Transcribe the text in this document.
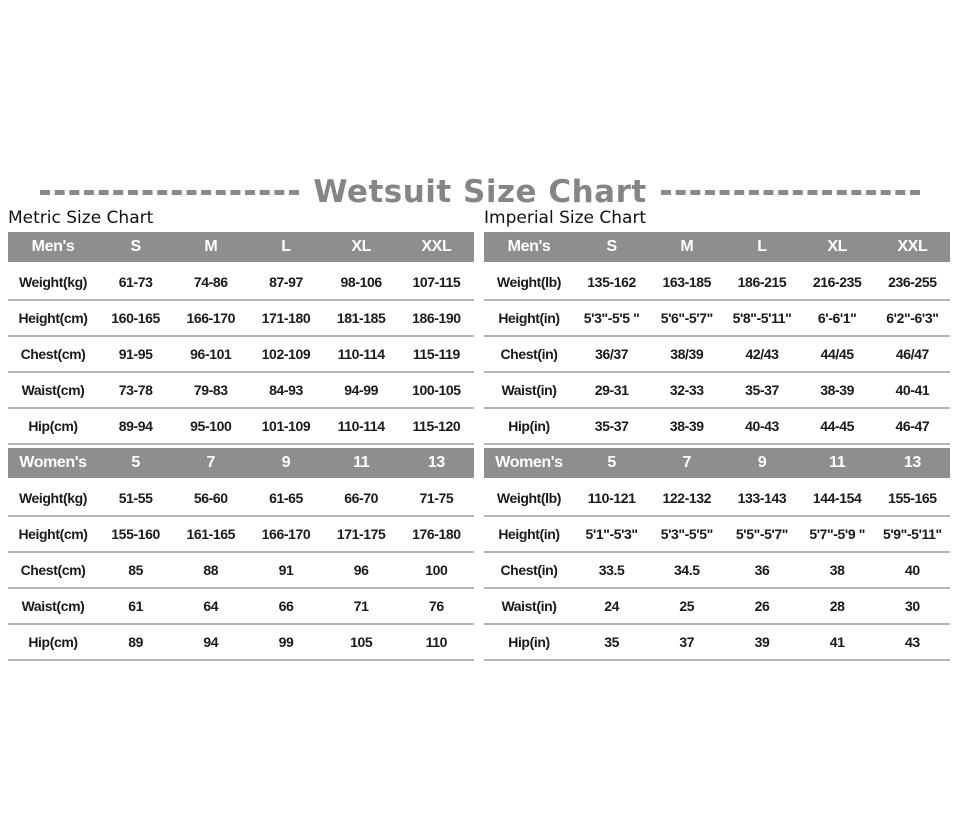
Wetsuit Size Chart
Metric Size Chart	Imperial Size Chart
Men's	S	M	L	XL	XXL
Weight(kg)	61-73	74-86	87-97	98-106	107-115
Height(cm)	160-165	166-170	171-180	181-185	186-190
Chest(cm)	91-95	96-101	102-109	110-114	115-119
Waist(cm)	73-78	79-83	84-93	94-99	100-105
Hip(cm)	89-94	95-100	101-109	110-114	115-120
Men's	S	M	L	XL	XXL
Weight(lb)	135-162	163-185	186-215	216-235	236-255
Height(in)	5'3"-5'5 "	5'6"-5'7"	5'8"-5'11"	6'-6'1"	6'2"-6'3"
Chest(in)	36/37	38/39	42/43	44/45	46/47
Waist(in)	29-31	32-33	35-37	38-39	40-41
Hip(in)	35-37	38-39	40-43	44-45	46-47
Women's	5	7	9	11	13
Weight(kg)	51-55	56-60	61-65	66-70	71-75
Height(cm)	155-160	161-165	166-170	171-175	176-180
Chest(cm)	85	88	91	96	100
Waist(cm)	61	64	66	71	76
Hip(cm)	89	94	99	105	110
Women's	5	7	9	11	13
Weight(lb)	110-121	122-132	133-143	144-154	155-165
Height(in)	5'1"-5'3"	5'3"-5'5"	5'5"-5'7"	5'7"-5'9 "	5'9"-5'11"
Chest(in)	33.5	34.5	36	38	40
Waist(in)	24	25	26	28	30
Hip(in)	35	37	39	41	43
